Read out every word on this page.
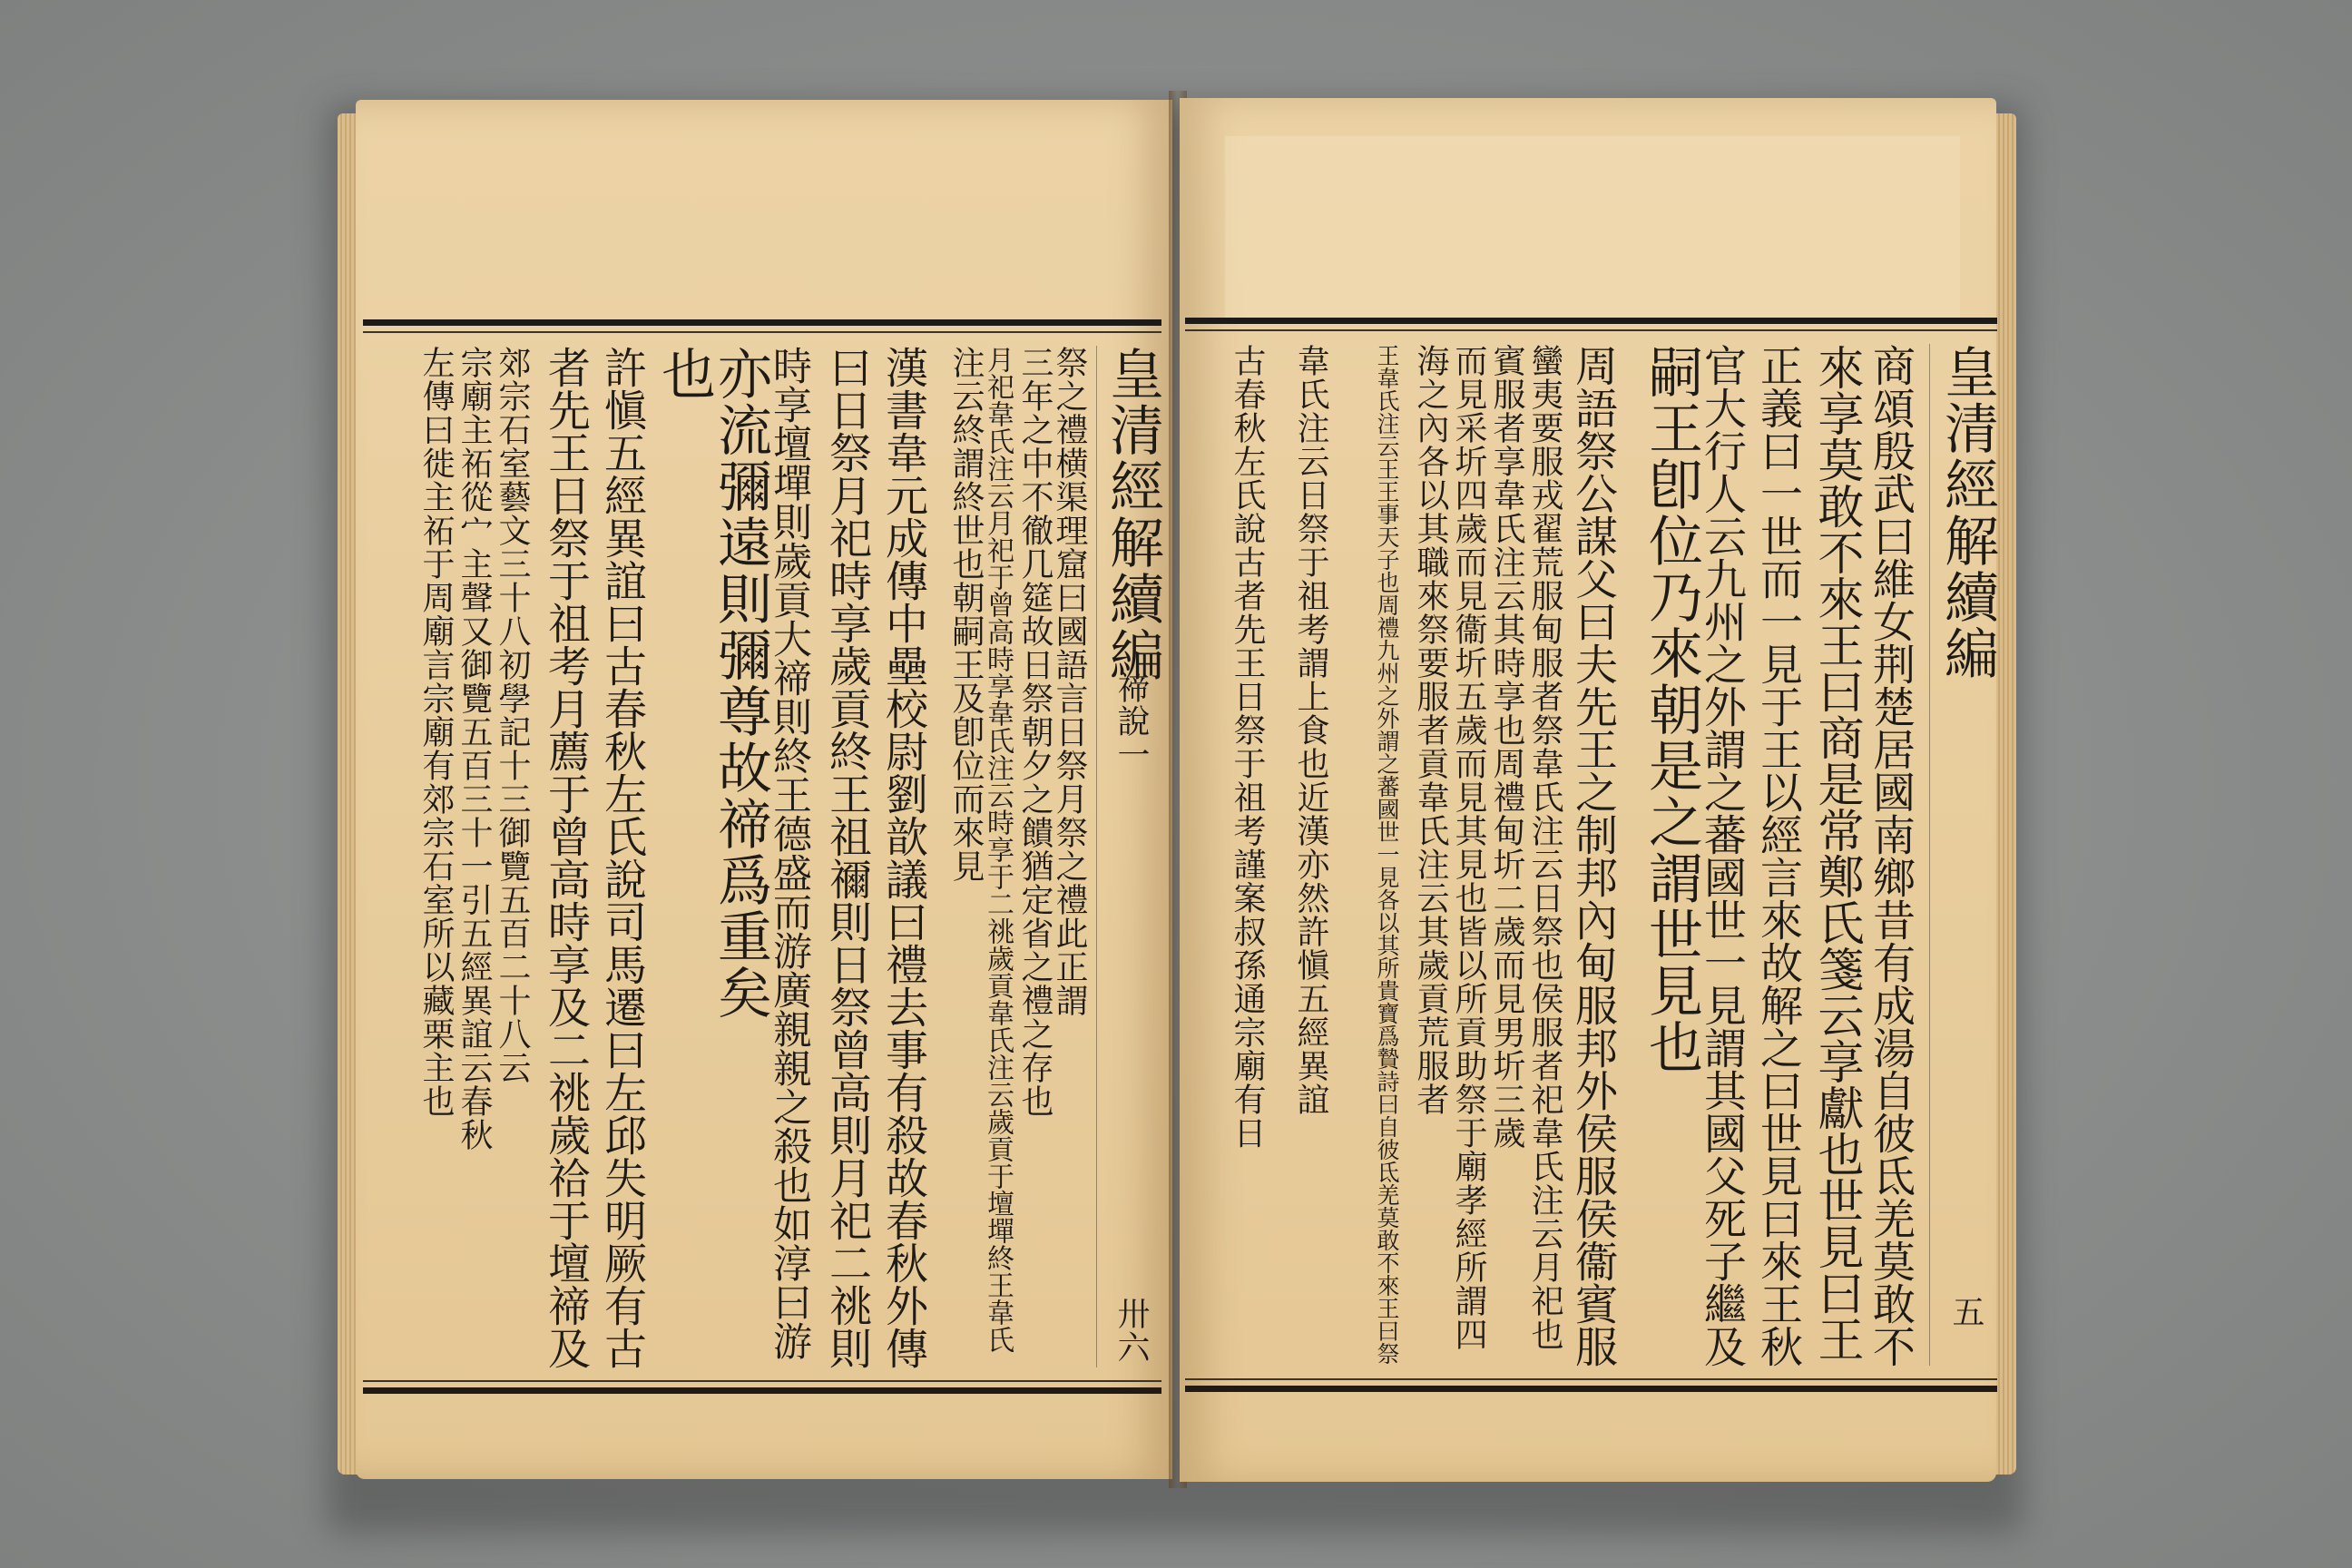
皇清經解續編
禘說一
卅六
祭之禮横渠理窟曰國語言日祭月祭之禮此正謂
三年之中不徹几筵故日祭朝夕之饋猶定省之禮之存也
月祀韋氏注云月祀于曾高時享韋氏注云時享于二祧歲貢韋氏注云歲貢于壇墠終王韋氏
注云終謂終世也朝嗣王及卽位而來見
漢書韋元成傳中壘校尉劉歆議曰禮去事有殺故春秋外傳
曰日祭月祀時享歲貢終王祖禰則日祭曾高則月祀二祧則
時享壇墠則歲貢大禘則終王德盛而游廣親親之殺也如淳曰游
亦流彌遠則彌尊故禘爲重矣
也
許愼五經異誼曰古春秋左氏說司馬遷曰左邱失明厥有古
者先王日祭于祖考月薦于曾高時享及二祧歲祫于壇禘及
郊宗石室藝文三十八初學記十三御覽五百二十八云
宗廟主祏從宀主聲又御覽五百三十一引五經異誼云春秋
左傳曰徙主祏于周廟言宗廟有郊宗石室所以藏栗主也	皇清經解續編
五
商頌殷武曰維女荆楚居國南鄉昔有成湯自彼氐羌莫敢不
來享莫敢不來王曰商是常鄭氏箋云享獻也世見曰王
正義曰一世而一見于王以經言來故解之曰世見曰來王秋
官大行人云九州之外謂之蕃國世一見謂其國父死子繼及
嗣王卽位乃來朝是之謂世見也
周語祭公謀父曰夫先王之制邦內甸服邦外侯服侯衞賓服
蠻夷要服戎翟荒服甸服者祭韋氏注云日祭也侯服者祀韋氏注云月祀也
賓服者享韋氏注云其時享也周禮甸圻二歲而見男圻三歲
而見采圻四歲而見衞圻五歲而見其見也皆以所貢助祭于廟孝經所謂四
海之內各以其職來祭要服者貢韋氏注云其歲貢荒服者
王韋氏注云王王事天子也周禮九州之外謂之蕃國世一見各以其所貴寶爲贄詩曰自彼氐羌莫敢不來王曰祭
韋氏注云日祭于祖考謂上食也近漢亦然許愼五經異誼
古春秋左氏說古者先王日祭于祖考謹案叔孫通宗廟有日
